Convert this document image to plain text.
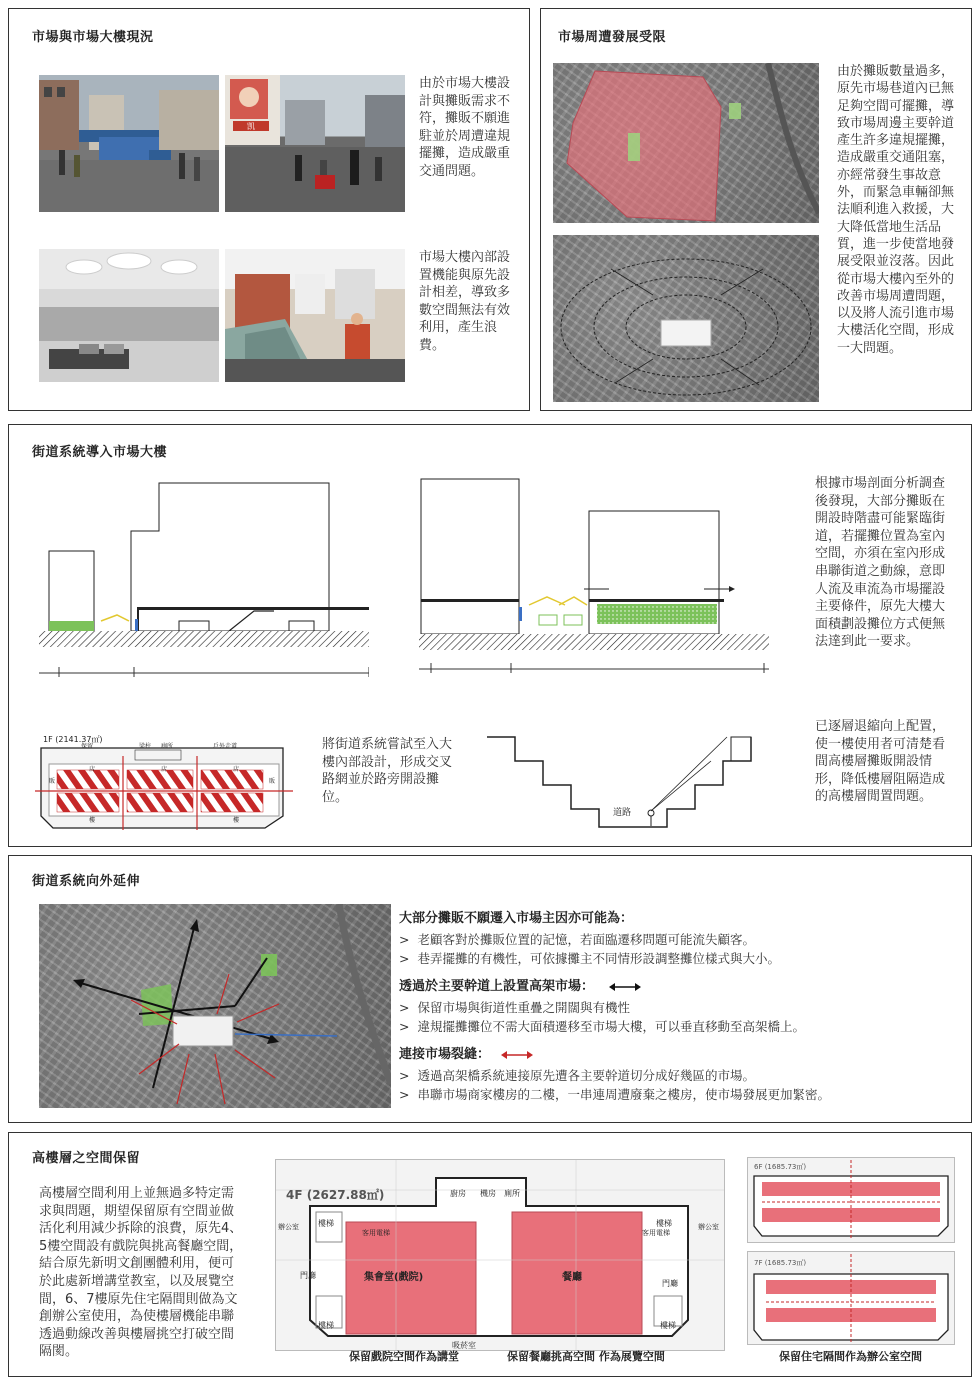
市場與市場大樓現況
凯
由於市場大樓設計與攤販需求不符，攤販不願進駐並於周遭違規擺攤，造成嚴重交通問題。
市場大樓內部設置機能與原先設計相差，導致多數空間無法有效利用，產生浪費。
市場周遭發展受限
由於攤販數量過多，原先市場巷道內已無足夠空間可擺攤，導致市場周邊主要幹道產生許多違規擺攤，造成嚴重交通阻塞，亦經常發生事故意外，而緊急車輛卻無法順利進入救援，大大降低當地生活品質，進一步使當地發展受限並沒落。因此從市場大樓內至外的改善市場周遭問題，以及將人流引進市場大樓活化空間，形成一大問題。
街道系統導入市場大樓
根據市場剖面分析調查後發現，大部分攤販在開設時階盡可能緊臨街道，若擺攤位置為室內空間，亦須在室內形成串聯街道之動線，意即人流及車流為市場擺設主要條件，原先大樓大面積劃設攤位方式便無法達到此一要求。
1F (2141.37㎡)
保留	梁柱 廁所	戶外走道
店	店	店
販	販
樓	樓
將街道系統嘗試至入大樓內部設計，形成交叉路網並於路旁開設攤位。
道路
已逐層退縮向上配置，使一樓使用者可清楚看間高樓層攤販開設情形，降低樓層阻隔造成的高樓層閒置問題。
街道系統向外延伸
大部分攤販不願遷入市場主因亦可能為：
> 老顧客對於攤販位置的記憶，若面臨遷移問題可能流失顧客。
> 巷弄擺攤的有機性，可依據攤主不同情形設調整攤位樣式與大小。
透過於主要幹道上設置高架市場：
> 保留市場與街道性重疊之開闊與有機性
> 違規擺攤攤位不需大面積遷移至市場大樓，可以垂直移動至高架橋上。
連接市場裂縫：
> 透過高架橋系統連接原先遭各主要幹道切分成好幾區的市場。
> 串聯市場商家樓房的二樓，一串連周遭廢棄之樓房，使市場發展更加緊密。
高樓層之空間保留
高樓層空間利用上並無過多特定需求與問題，期望保留原有空間並做活化利用減少拆除的浪費，原先4、5樓空間設有戲院與挑高餐廳空間，結合原先新明文創團體利用，便可於此處新增講堂教室，以及展覽空間，6、7樓原先住宅隔間則做為文創辦公室使用，為使樓層機能串聯透過動線改善與樓層挑空打破空間隔閡。
4F (2627.88㎡)
集會堂(戲院)	餐廳
廚房 機房 廁所
樓梯	樓梯
樓梯	樓梯
門廳
門廳
吸菸室
辦公室	辦公室
客用電梯	客用電梯
保留戲院空間作為講堂	保留餐廳挑高空間 作為展覽空間
6F (1685.73㎡)
7F (1685.73㎡)
保留住宅隔間作為辦公室空間
